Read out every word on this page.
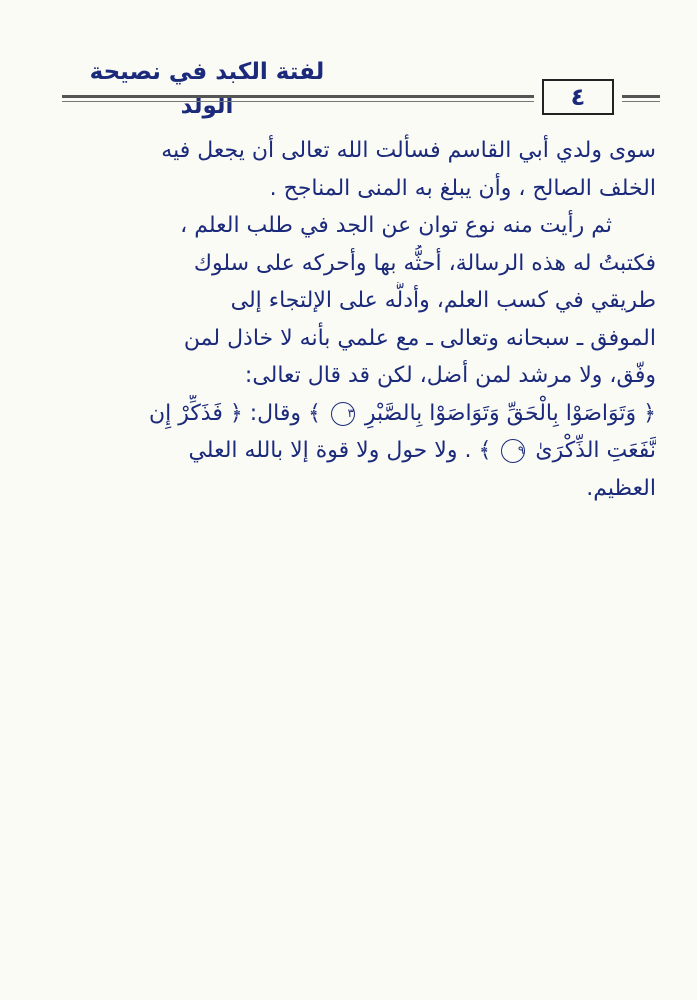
لفتة الكبد في نصيحة الولد	٤
سوى ولدي أبي القاسم فسألت الله تعالى أن يجعل فيه
الخلف الصالح ، وأن يبلغ به المنى المناجح .
ثم رأيت منه نوع توان عن الجد في طلب العلم ،
فكتبتُ له هذه الرسالة، أحثُّه بها وأحركه على سلوك
طريقي في كسب العلم، وأدلُّه على الإلتجاء إلى
الموفق ـ سبحانه وتعالى ـ مع علمي بأنه لا خاذل لمن
وفّق، ولا مرشد لمن أضل، لكن قد قال تعالى:
﴿ وَتَوَاصَوْا بِالْحَقِّ وَتَوَاصَوْا بِالصَّبْرِ ٣ ﴾ وقال: ﴿ فَذَكِّرْ إِن
نَّفَعَتِ الذِّكْرَىٰ ٩ ﴾ . ولا حول ولا قوة إلا بالله العلي
العظيم.
